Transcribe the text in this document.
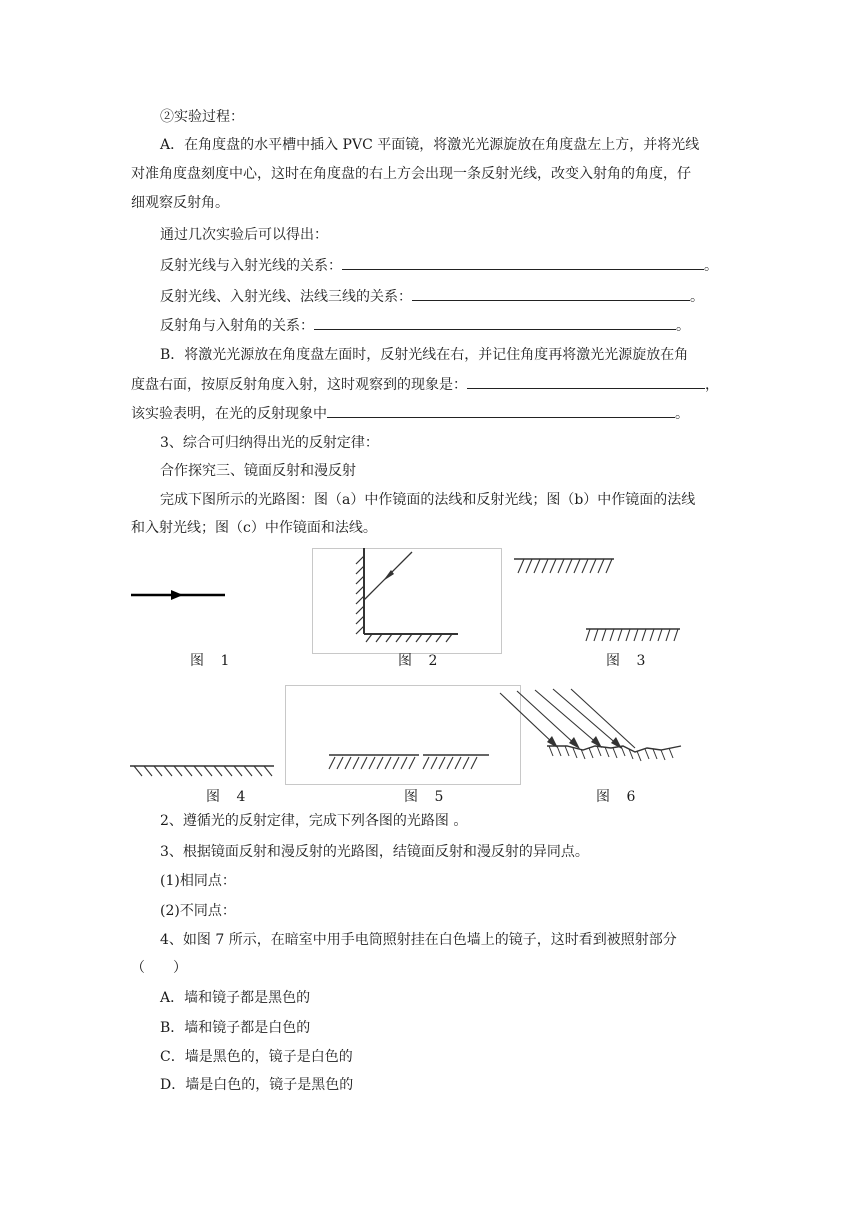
②实验过程：
A．在角度盘的水平槽中插入 PVC 平面镜，将激光光源旋放在角度盘左上方，并将光线
对准角度盘刻度中心，这时在角度盘的右上方会出现一条反射光线，改变入射角的角度，仔
细观察反射角。
通过几次实验后可以得出：
反射光线与入射光线的关系：	。
反射光线、入射光线、法线三线的关系：	。
反射角与入射角的关系：	。
B．将激光光源放在角度盘左面时，反射光线在右，并记住角度再将激光光源旋放在角
度盘右面，按原反射角度入射，这时观察到的现象是：	，
该实验表明，在光的反射现象中	。
3、综合可归纳得出光的反射定律：
合作探究三、镜面反射和漫反射
完成下图所示的光路图：图（a）中作镜面的法线和反射光线；图（b）中作镜面的法线
和入射光线；图（c）中作镜面和法线。
图 1	图 2	图 3
图 4	图 5	图 6
2、遵循光的反射定律，完成下列各图的光路图 。
3、根据镜面反射和漫反射的光路图，结镜面反射和漫反射的异同点。
(1)相同点：
(2)不同点：
4、如图 7 所示，在暗室中用手电筒照射挂在白色墙上的镜子，这时看到被照射部分
（　　）
A．墙和镜子都是黑色的
B．墙和镜子都是白色的
C．墙是黑色的，镜子是白色的
D．墙是白色的，镜子是黑色的
